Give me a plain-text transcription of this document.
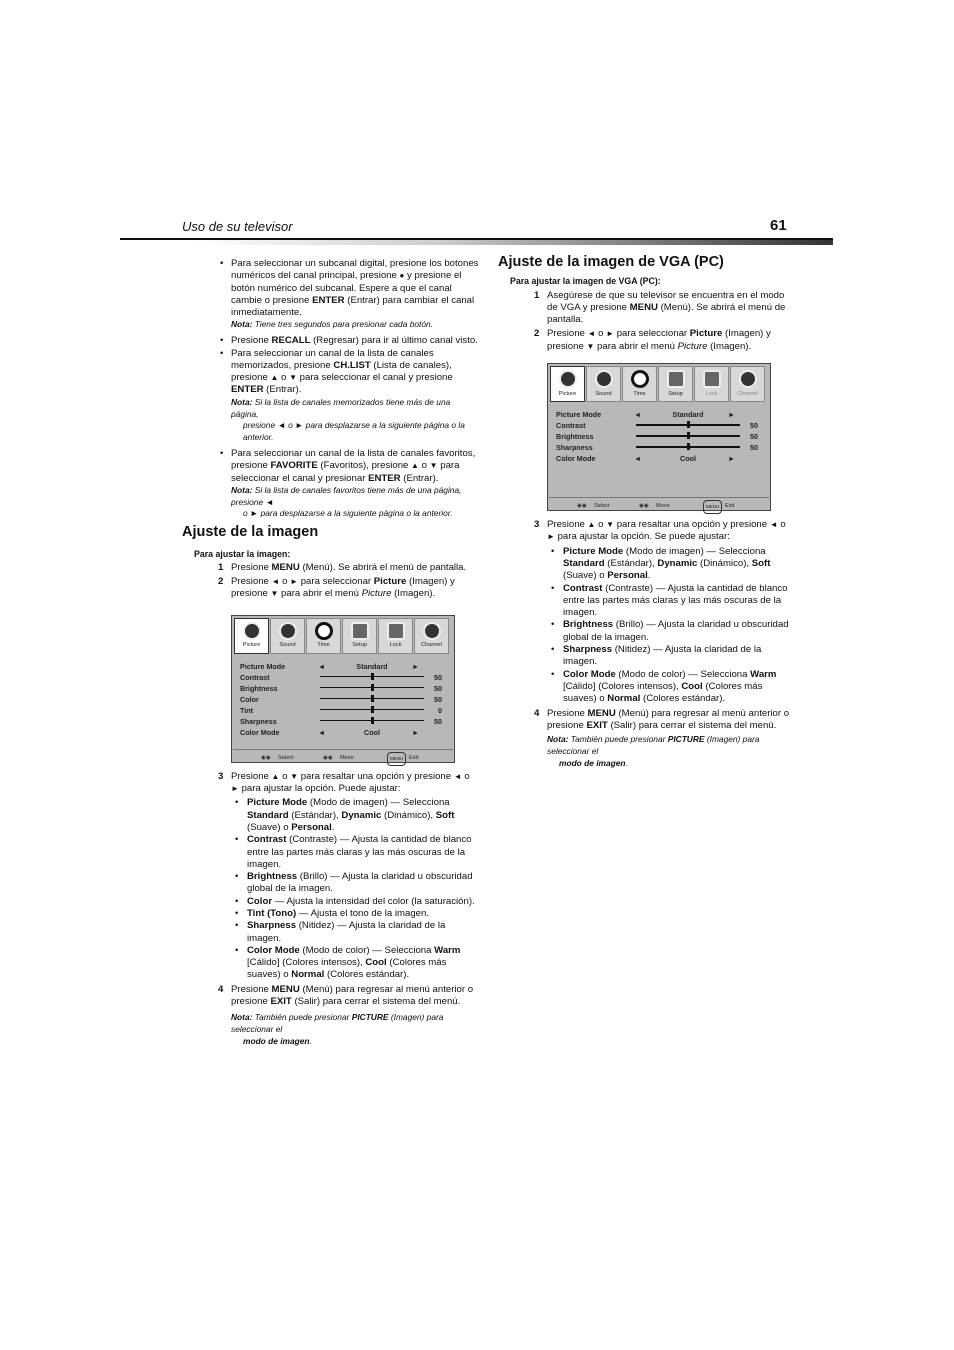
Uso de su televisor	61
• Para seleccionar un subcanal digital, presione los botones numéricos del canal principal, presione ● y presione el botón numérico del subcanal. Espere a que el canal cambie o presione ENTER (Entrar) para cambiar el canal inmediatamente.
Nota: Tiene tres segundos para presionar cada botón.
• Presione RECALL (Regresar) para ir al último canal visto.
• Para seleccionar un canal de la lista de canales memorizados, presione CH.LIST (Lista de canales), presione ▲ o ▼ para seleccionar el canal y presione ENTER (Entrar).
Nota: Si la lista de canales memorizados tiene más de una página,
presione ◄ o ► para desplazarse a la siguiente página o la anterior.
• Para seleccionar un canal de la lista de canales favoritos, presione FAVORITE (Favoritos), presione ▲ o ▼ para seleccionar el canal y presionar ENTER (Entrar).
Nota: Si la lista de canales favoritos tiene más de una página, presione ◄
o ► para desplazarse a la siguiente página o la anterior.
Ajuste de la imagen
Para ajustar la imagen:
1 Presione MENU (Menú). Se abrirá el menú de pantalla.
2 Presione ◄ o ► para seleccionar Picture (Imagen) y presione ▼ para abrir el menú Picture (Imagen).
Picture	Sound	Time	Setup	Lock	Channel
Picture Mode	◄	Standard	►
Contrast	50
Brightness	50
Color	50
Tint	0
Sharpness	50
Color Mode	◄	Cool	►
◉◉ Select	◉◉ Move	MENU	Exit
3 Presione ▲ o ▼ para resaltar una opción y presione ◄ o ► para ajustar la opción. Puede ajustar:
• Picture Mode (Modo de imagen) — Selecciona Standard (Estándar), Dynamic (Dinámico), Soft (Suave) o Personal.
• Contrast (Contraste) — Ajusta la cantidad de blanco entre las partes más claras y las más oscuras de la imagen.
• Brightness (Brillo) — Ajusta la claridad u obscuridad global de la imagen.
• Color — Ajusta la intensidad del color (la saturación).
• Tint (Tono) — Ajusta el tono de la imagen.
• Sharpness (Nitidez) — Ajusta la claridad de la imagen.
• Color Mode (Modo de color) — Selecciona Warm [Cálido] (Colores intensos), Cool (Colores más suaves) o Normal (Colores estándar).
4 Presione MENU (Menú) para regresar al menú anterior o presione EXIT (Salir) para cerrar el sistema del menú.
Nota: También puede presionar PICTURE (Imagen) para seleccionar elmodo de imagen.
Ajuste de la imagen de VGA (PC)
Para ajustar la imagen de VGA (PC):
1 Asegúrese de que su televisor se encuentra en el modo de VGA y presione MENU (Menú). Se abrirá el menú de pantalla.
2 Presione ◄ o ► para seleccionar Picture (Imagen) y presione ▼ para abrir el menú Picture (Imagen).
Picture	Sound	Time	Setup	Lock	Channel
Picture Mode	◄	Standard	►
Contrast	50
Brightness	50
Sharpness	50
Color Mode	◄	Cool	►
◉◉ Select	◉◉ Move	MENU	Exit
3 Presione ▲ o ▼ para resaltar una opción y presione ◄ o ► para ajustar la opción. Se puede ajustar:
• Picture Mode (Modo de imagen) — Selecciona Standard (Estándar), Dynamic (Dinámico), Soft (Suave) o Personal.
• Contrast (Contraste) — Ajusta la cantidad de blanco entre las partes más claras y las más oscuras de la imagen.
• Brightness (Brillo) — Ajusta la claridad u obscuridad global de la imagen.
• Sharpness (Nitidez) — Ajusta la claridad de la imagen.
• Color Mode (Modo de color) — Selecciona Warm [Cálido] (Colores intensos), Cool (Colores más suaves) o Normal (Colores estándar).
4 Presione MENU (Menú) para regresar al menú anterior o presione EXIT (Salir) para cerrar el sistema del menú.
Nota: También puede presionar PICTURE (Imagen) para seleccionar elmodo de imagen.
